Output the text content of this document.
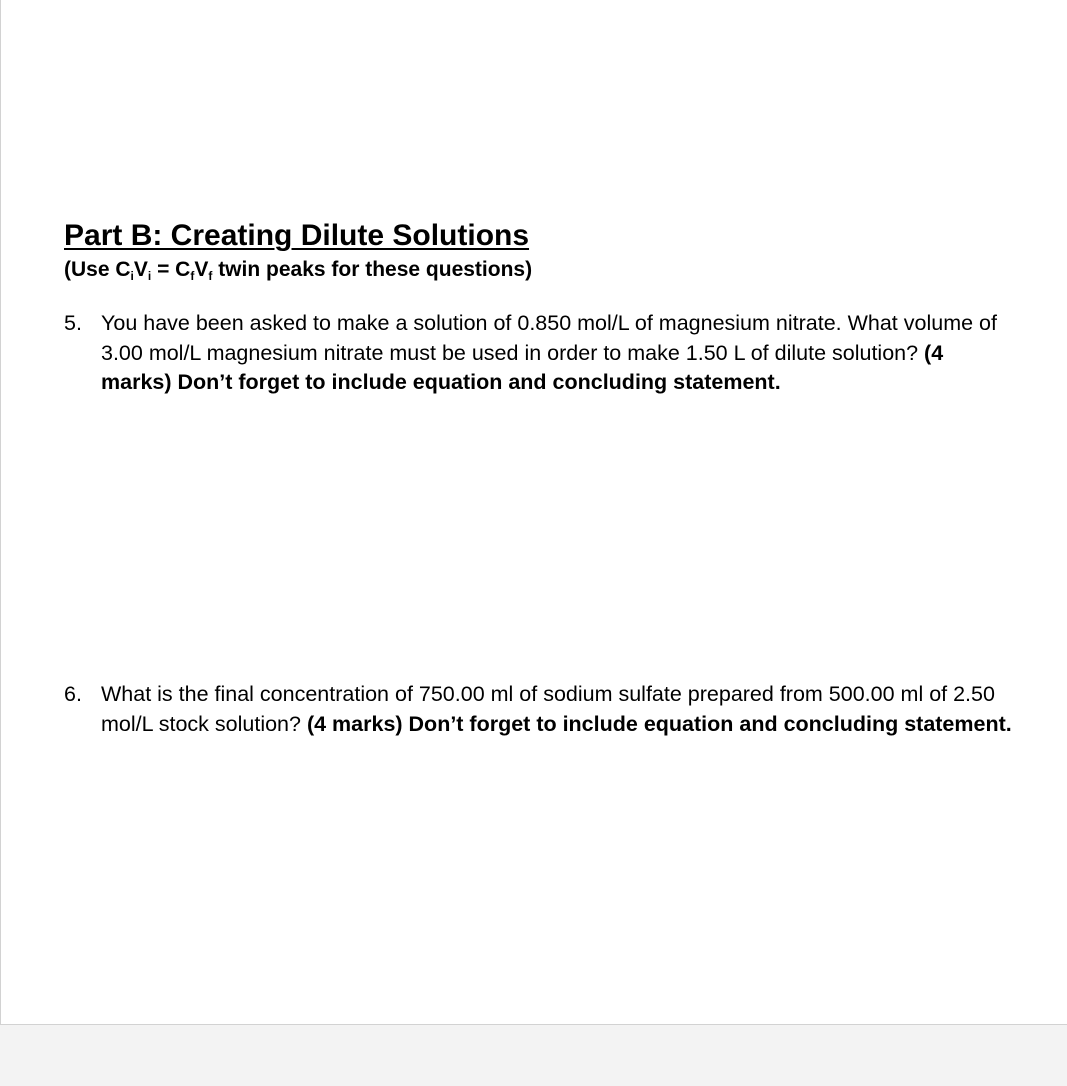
Part B: Creating Dilute Solutions

(Use $C_iV_i = C_fV_f$ twin peaks for these questions)

5. You have been asked to make a solution of 0.850 mol/L of magnesium nitrate. What volume of 3.00 mol/L magnesium nitrate must be used in order to make 1.50 L of dilute solution? (4 marks) Don’t forget to include equation and concluding statement.
6. What is the final concentration of 750.00 ml of sodium sulfate prepared from 500.00 ml of 2.50 mol/L stock solution? (4 marks) Don’t forget to include equation and concluding statement.
